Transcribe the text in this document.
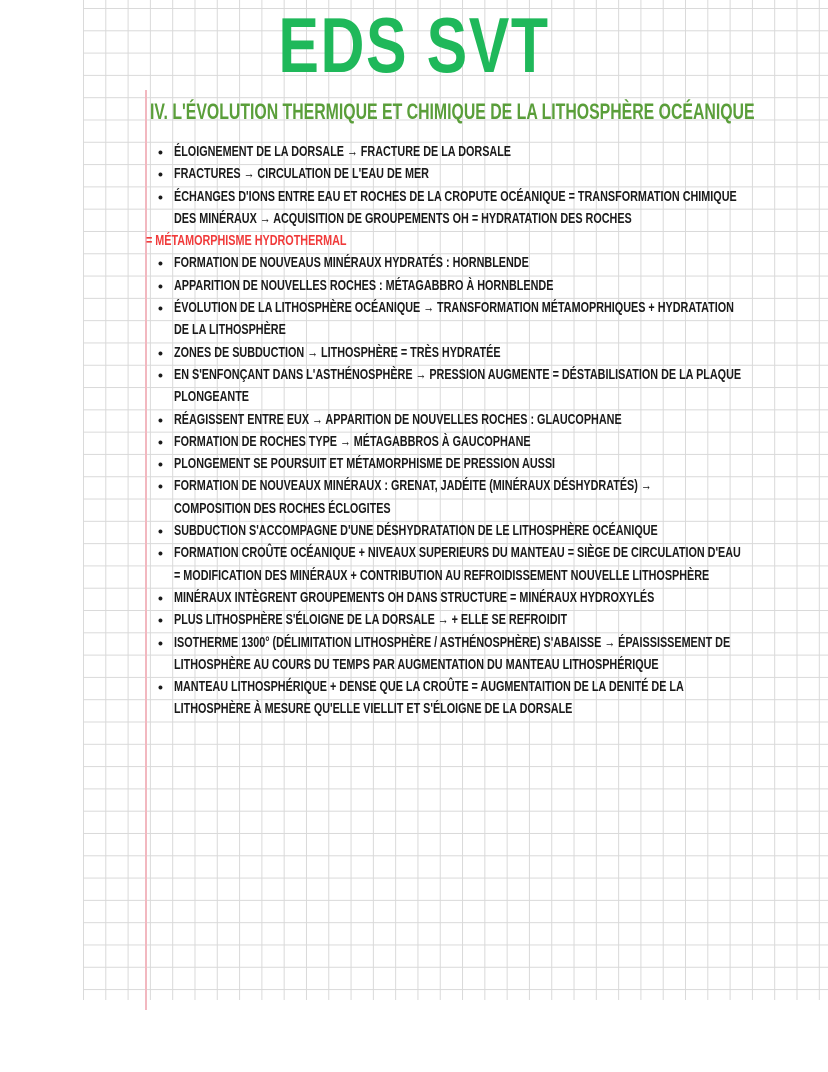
EDS SVT
IV. L'ÉVOLUTION THERMIQUE ET CHIMIQUE DE LA LITHOSPHÈRE OCÉANIQUE
• ÉLOIGNEMENT DE LA DORSALE → FRACTURE DE LA DORSALE
• FRACTURES → CIRCULATION DE L'EAU DE MER
• ÉCHANGES D'IONS ENTRE EAU ET ROCHES DE LA CROPUTE OCÉANIQUE = TRANSFORMATION CHIMIQUE
DES MINÉRAUX → ACQUISITION DE GROUPEMENTS OH = HYDRATATION DES ROCHES
= MÉTAMORPHISME HYDROTHERMAL
• FORMATION DE NOUVEAUS MINÉRAUX HYDRATÉS : HORNBLENDE
• APPARITION DE NOUVELLES ROCHES : MÉTAGABBRO À HORNBLENDE
• ÉVOLUTION DE LA LITHOSPHÈRE OCÉANIQUE → TRANSFORMATION MÉTAMOPRHIQUES + HYDRATATION
DE LA LITHOSPHÈRE
• ZONES DE SUBDUCTION → LITHOSPHÈRE = TRÈS HYDRATÉE
• EN S'ENFONÇANT DANS L'ASTHÉNOSPHÈRE → PRESSION AUGMENTE = DÉSTABILISATION DE LA PLAQUE
PLONGEANTE
• RÉAGISSENT ENTRE EUX → APPARITION DE NOUVELLES ROCHES : GLAUCOPHANE
• FORMATION DE ROCHES TYPE → MÉTAGABBROS À GAUCOPHANE
• PLONGEMENT SE POURSUIT ET MÉTAMORPHISME DE PRESSION AUSSI
• FORMATION DE NOUVEAUX MINÉRAUX : GRENAT, JADÉITE (MINÉRAUX DÉSHYDRATÉS) →
COMPOSITION DES ROCHES ÉCLOGITES
• SUBDUCTION S'ACCOMPAGNE D'UNE DÉSHYDRATATION DE LE LITHOSPHÈRE OCÉANIQUE
• FORMATION CROÛTE OCÉANIQUE + NIVEAUX SUPERIEURS DU MANTEAU = SIÈGE DE CIRCULATION D'EAU
= MODIFICATION DES MINÉRAUX + CONTRIBUTION AU REFROIDISSEMENT NOUVELLE LITHOSPHÈRE
• MINÉRAUX INTÈGRENT GROUPEMENTS OH DANS STRUCTURE = MINÉRAUX HYDROXYLÉS
• PLUS LITHOSPHÈRE S'ÉLOIGNE DE LA DORSALE → + ELLE SE REFROIDIT
• ISOTHERME 1300° (DÉLIMITATION LITHOSPHÈRE / ASTHÉNOSPHÈRE) S'ABAISSE → ÉPAISSISSEMENT DE
LITHOSPHÈRE AU COURS DU TEMPS PAR AUGMENTATION DU MANTEAU LITHOSPHÉRIQUE
• MANTEAU LITHOSPHÉRIQUE + DENSE QUE LA CROÛTE = AUGMENTAITION DE LA DENITÉ DE LA
LITHOSPHÈRE À MESURE QU'ELLE VIELLIT ET S'ÉLOIGNE DE LA DORSALE
